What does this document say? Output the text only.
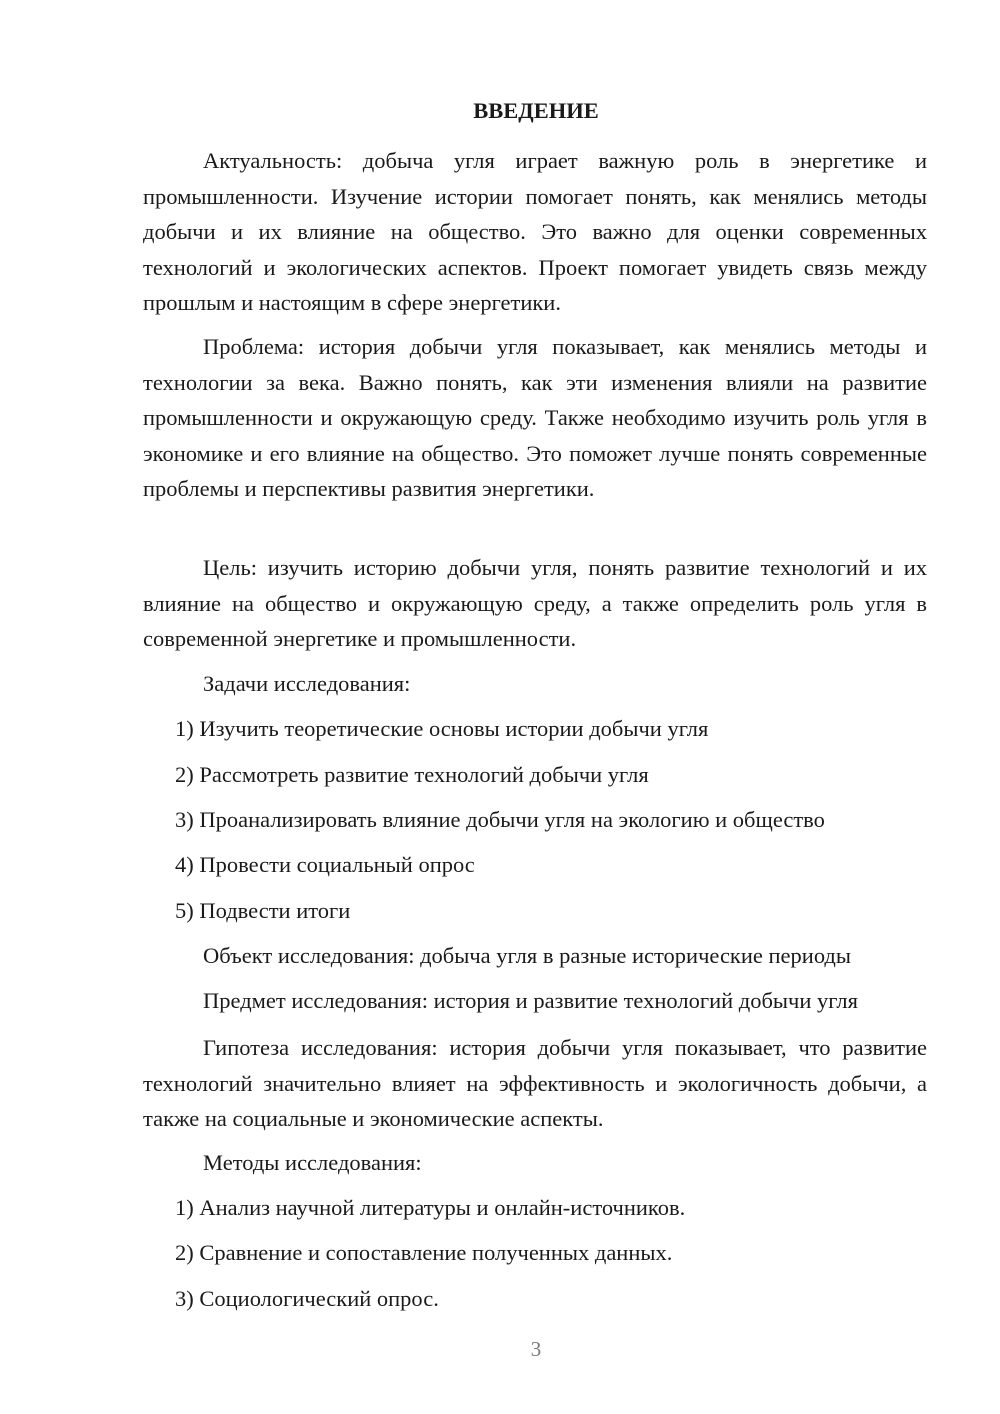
ВВЕДЕНИЕ

Актуальность: добыча угля играет важную роль в энергетике и промышленности. Изучение истории помогает понять, как менялись методы добычи и их влияние на общество. Это важно для оценки современных технологий и экологических аспектов. Проект помогает увидеть связь между прошлым и настоящим в сфере энергетики.

Проблема: история добычи угля показывает, как менялись методы и технологии за века. Важно понять, как эти изменения влияли на развитие промышленности и окружающую среду. Также необходимо изучить роль угля в экономике и его влияние на общество. Это поможет лучше понять современные проблемы и перспективы развития энергетики.

Цель: изучить историю добычи угля, понять развитие технологий и их влияние на общество и окружающую среду, а также определить роль угля в современной энергетике и промышленности.

Задачи исследования:

1) Изучить теоретические основы истории добычи угля

2) Рассмотреть развитие технологий добычи угля

3) Проанализировать влияние добычи угля на экологию и общество

4) Провести социальный опрос

5) Подвести итоги

Объект исследования: добыча угля в разные исторические периоды

Предмет исследования: история и развитие технологий добычи угля

Гипотеза исследования: история добычи угля показывает, что развитие технологий значительно влияет на эффективность и экологичность добычи, а также на социальные и экономические аспекты.

Методы исследования:

1) Анализ научной литературы и онлайн-источников.

2) Сравнение и сопоставление полученных данных.

3) Социологический опрос.

3
